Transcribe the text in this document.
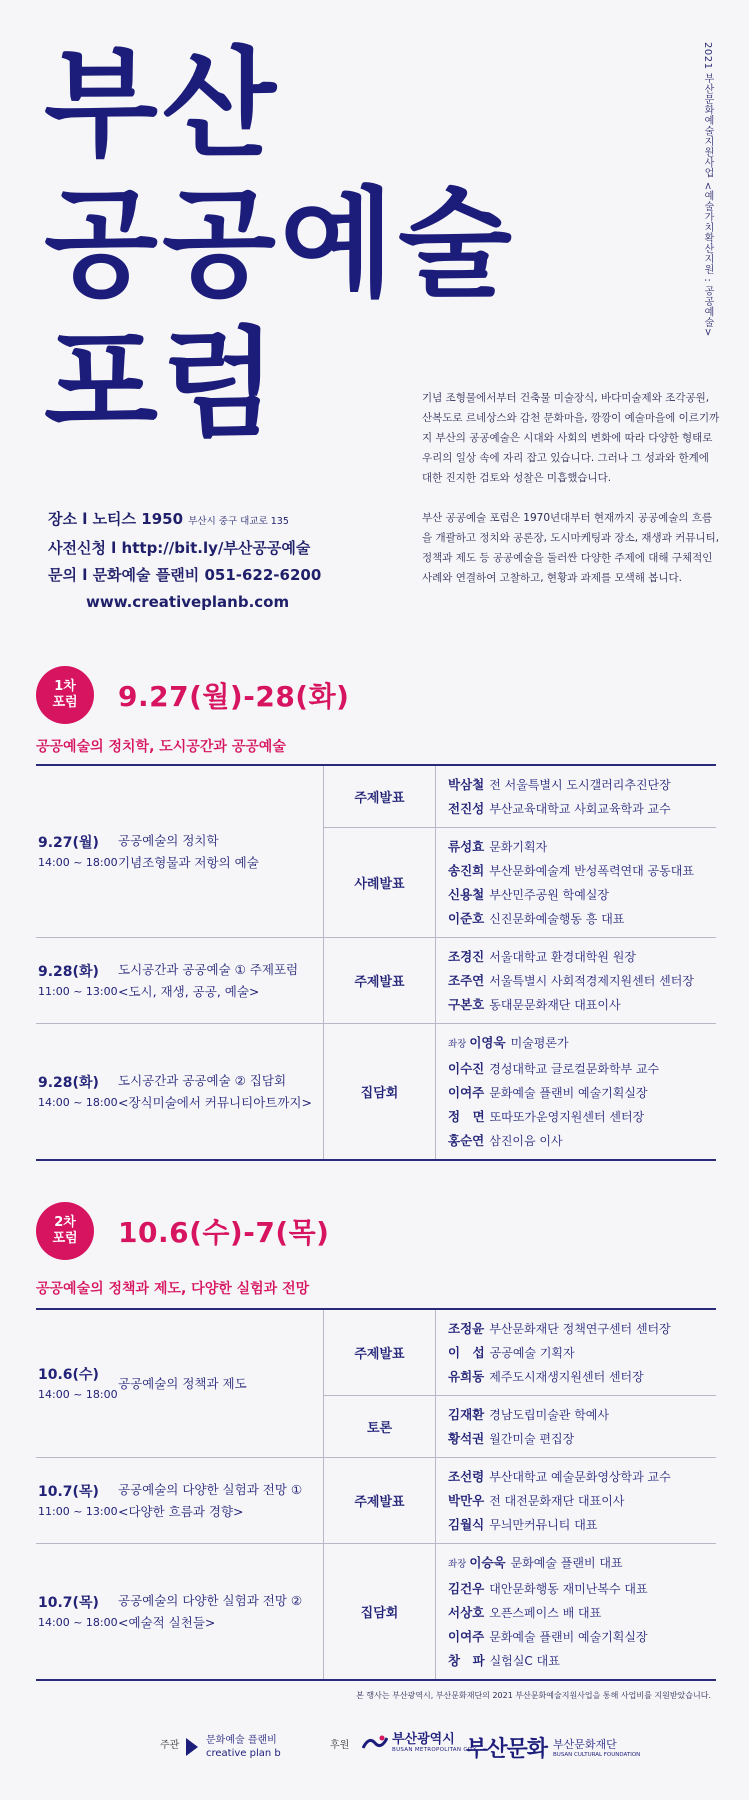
부산
공공예술
포럼
2021 부산문화예술지원사업 <예술가치확산지원 : 공공예술>

기념 조형물에서부터 건축물 미술장식, 바다미술제와 조각공원, 산복도로 르네상스와 감천 문화마을, 깡깡이 예술마을에 이르기까지 부산의 공공예술은 시대와 사회의 변화에 따라 다양한 형태로 우리의 일상 속에 자리 잡고 있습니다. 그러나 그 성과와 한계에 대한 진지한 검토와 성찰은 미흡했습니다.

부산 공공예술 포럼은 1970년대부터 현재까지 공공예술의 흐름을 개괄하고 정치와 공론장, 도시마케팅과 장소, 재생과 커뮤니티, 정책과 제도 등 공공예술을 둘러싼 다양한 주제에 대해 구체적인 사례와 연결하여 고찰하고, 현황과 과제를 모색해 봅니다.

장소 l 노티스 1950 부산시 중구 대교로 135
사전신청 l http://bit.ly/부산공공예술
문의 l 문화예술 플랜비 051-622-6200
www.creativeplanb.com
1차
포럼 9.27(월)-28(화)
공공예술의 정치학, 도시공간과 공공예술
9.27(월)
14:00 ~ 18:00
공공예술의 정치학
기념조형물과 저항의 예술
주제발표
박삼철 전 서울특별시 도시갤러리추진단장
전진성 부산교육대학교 사회교육학과 교수
사례발표
류성효 문화기획자
송진희 부산문화예술계 반성폭력연대 공동대표
신용철 부산민주공원 학예실장
이준호 신진문화예술행동 흥 대표
9.28(화)
11:00 ~ 13:00
도시공간과 공공예술 ① 주제포럼
<도시, 재생, 공공, 예술>
주제발표
조경진 서울대학교 환경대학원 원장
조주연 서울특별시 사회적경제지원센터 센터장
구본호 동대문문화재단 대표이사
9.28(화)
14:00 ~ 18:00
도시공간과 공공예술 ② 집담회
<장식미술에서 커뮤니티아트까지>
집담회
좌장 이영욱 미술평론가
이수진 경성대학교 글로컬문화학부 교수
이여주 문화예술 플랜비 예술기획실장
정　면 또따또가운영지원센터 센터장
홍순연 삼진이음 이사
2차
포럼 10.6(수)-7(목)
공공예술의 정책과 제도, 다양한 실험과 전망
10.6(수)
14:00 ~ 18:00
공공예술의 정책과 제도
주제발표
조정윤 부산문화재단 정책연구센터 센터장
이　섭 공공예술 기획자
유희동 제주도시재생지원센터 센터장
토론
김재환 경남도립미술관 학예사
황석권 월간미술 편집장
10.7(목)
11:00 ~ 13:00
공공예술의 다양한 실험과 전망 ①
<다양한 흐름과 경향>
주제발표
조선령 부산대학교 예술문화영상학과 교수
박만우 전 대전문화재단 대표이사
김월식 무늬만커뮤니티 대표
10.7(목)
14:00 ~ 18:00
공공예술의 다양한 실험과 전망 ②
<예술적 실천들>
집담회
좌장 이승욱 문화예술 플랜비 대표
김건우 대안문화행동 재미난복수 대표
서상호 오픈스페이스 배 대표
이여주 문화예술 플랜비 예술기획실장
창　파 실험실C 대표
본 행사는 부산광역시, 부산문화재단의 2021 부산문화예술지원사업을 통해 사업비를 지원받았습니다.
주관	문화예술 플랜비
creative plan b
후원	부산광역시
BUSAN METROPOLITAN CITY
부산문화 부산문화재단
BUSAN CULTURAL FOUNDATION
